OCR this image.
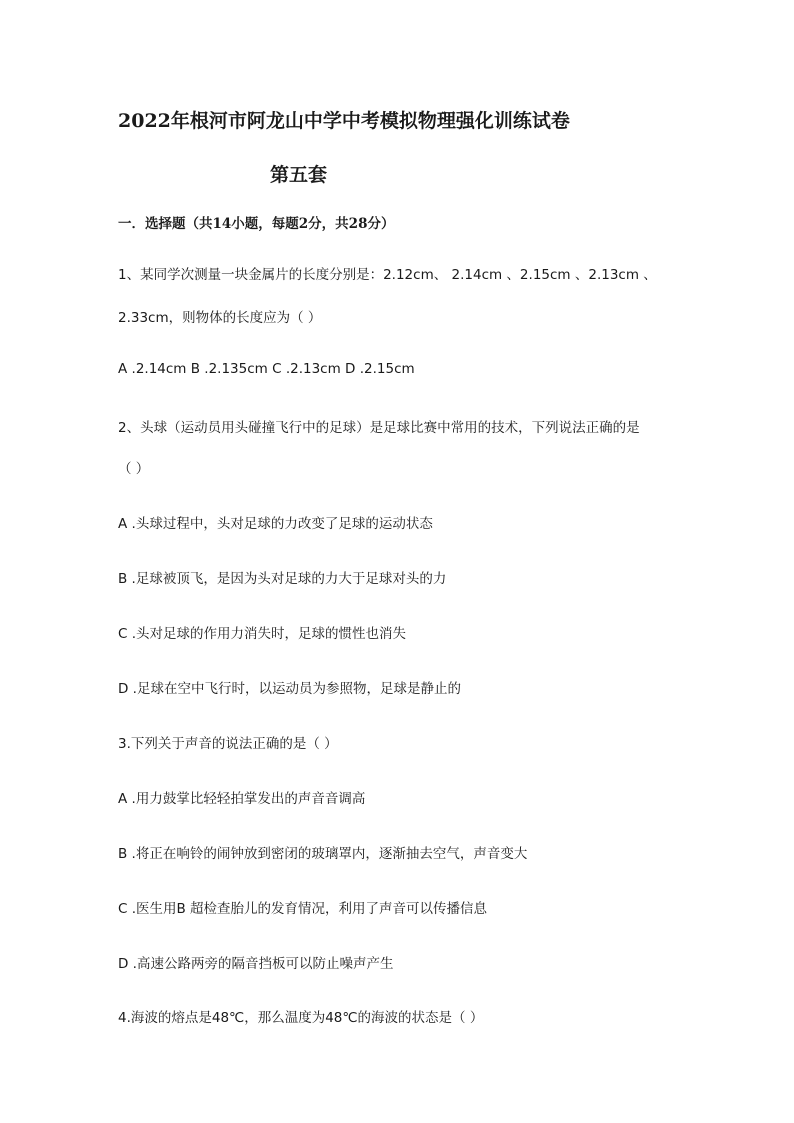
2022年根河市阿龙山中学中考模拟物理强化训练试卷
第五套
一．选择题（共14小题，每题2分，共28分）
1、某同学次测量一块金属片的长度分别是：2.12cm、 2.14cm 、2.15cm 、2.13cm 、
2.33cm，则物体的长度应为（ ）
A .2.14cm B .2.135cm C .2.13cm D .2.15cm
2、头球（运动员用头碰撞飞行中的足球）是足球比赛中常用的技术，下列说法正确的是
（ ）
A .头球过程中，头对足球的力改变了足球的运动状态
B .足球被顶飞，是因为头对足球的力大于足球对头的力
C .头对足球的作用力消失时，足球的惯性也消失
D .足球在空中飞行时，以运动员为参照物，足球是静止的
3.下列关于声音的说法正确的是（ ）
A .用力鼓掌比轻轻拍掌发出的声音音调高
B .将正在响铃的闹钟放到密闭的玻璃罩内，逐渐抽去空气，声音变大
C .医生用B 超检查胎儿的发育情况，利用了声音可以传播信息
D .高速公路两旁的隔音挡板可以防止噪声产生
4.海波的熔点是48℃，那么温度为48℃的海波的状态是（ ）
